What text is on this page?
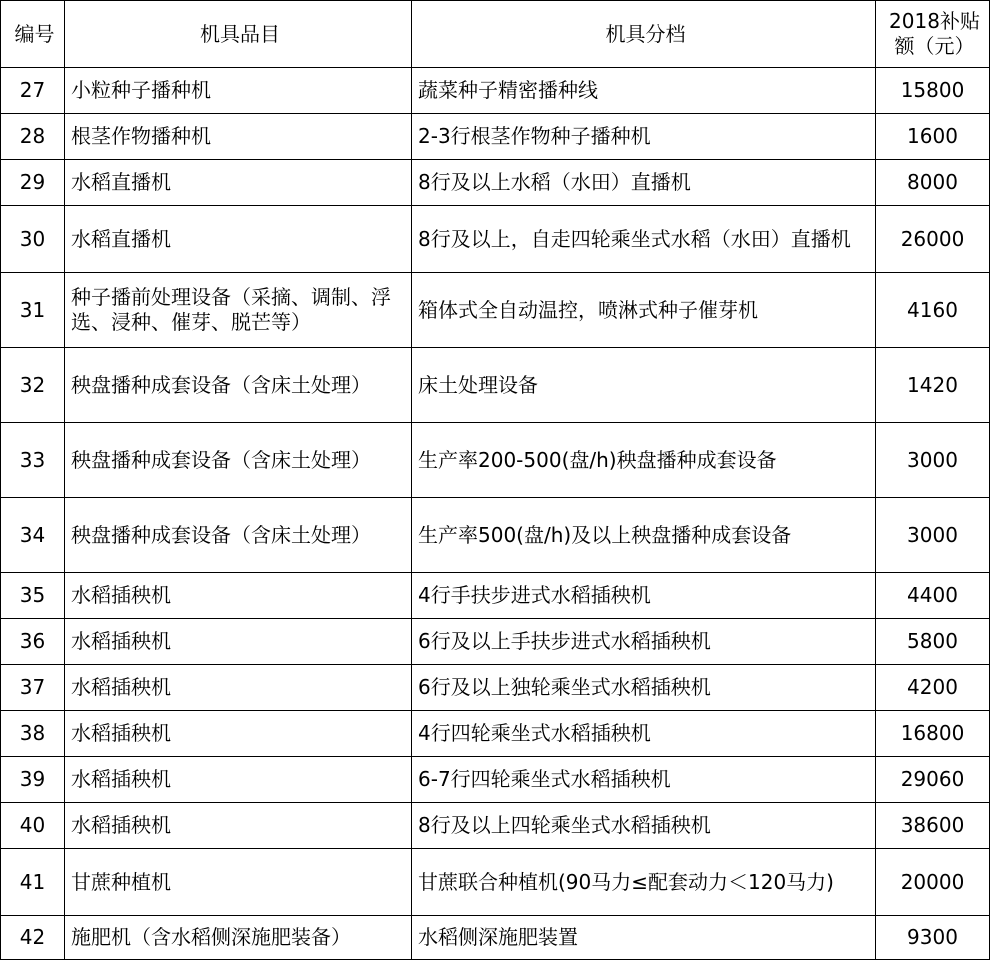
编号	机具品目	机具分档	2018补贴额（元）
27	小粒种子播种机	蔬菜种子精密播种线	15800
28	根茎作物播种机	2-3行根茎作物种子播种机	1600
29	水稻直播机	8行及以上水稻（水田）直播机	8000
30	水稻直播机	8行及以上，自走四轮乘坐式水稻（水田）直播机	26000
31	种子播前处理设备（采摘、调制、浮选、浸种、催芽、脱芒等）	箱体式全自动温控，喷淋式种子催芽机	4160
32	秧盘播种成套设备（含床土处理）	床土处理设备	1420
33	秧盘播种成套设备（含床土处理）	生产率200-500(盘/h)秧盘播种成套设备	3000
34	秧盘播种成套设备（含床土处理）	生产率500(盘/h)及以上秧盘播种成套设备	3000
35	水稻插秧机	4行手扶步进式水稻插秧机	4400
36	水稻插秧机	6行及以上手扶步进式水稻插秧机	5800
37	水稻插秧机	6行及以上独轮乘坐式水稻插秧机	4200
38	水稻插秧机	4行四轮乘坐式水稻插秧机	16800
39	水稻插秧机	6-7行四轮乘坐式水稻插秧机	29060
40	水稻插秧机	8行及以上四轮乘坐式水稻插秧机	38600
41	甘蔗种植机	甘蔗联合种植机(90马力≤配套动力＜120马力)	20000
42	施肥机（含水稻侧深施肥装备）	水稻侧深施肥装置	9300
